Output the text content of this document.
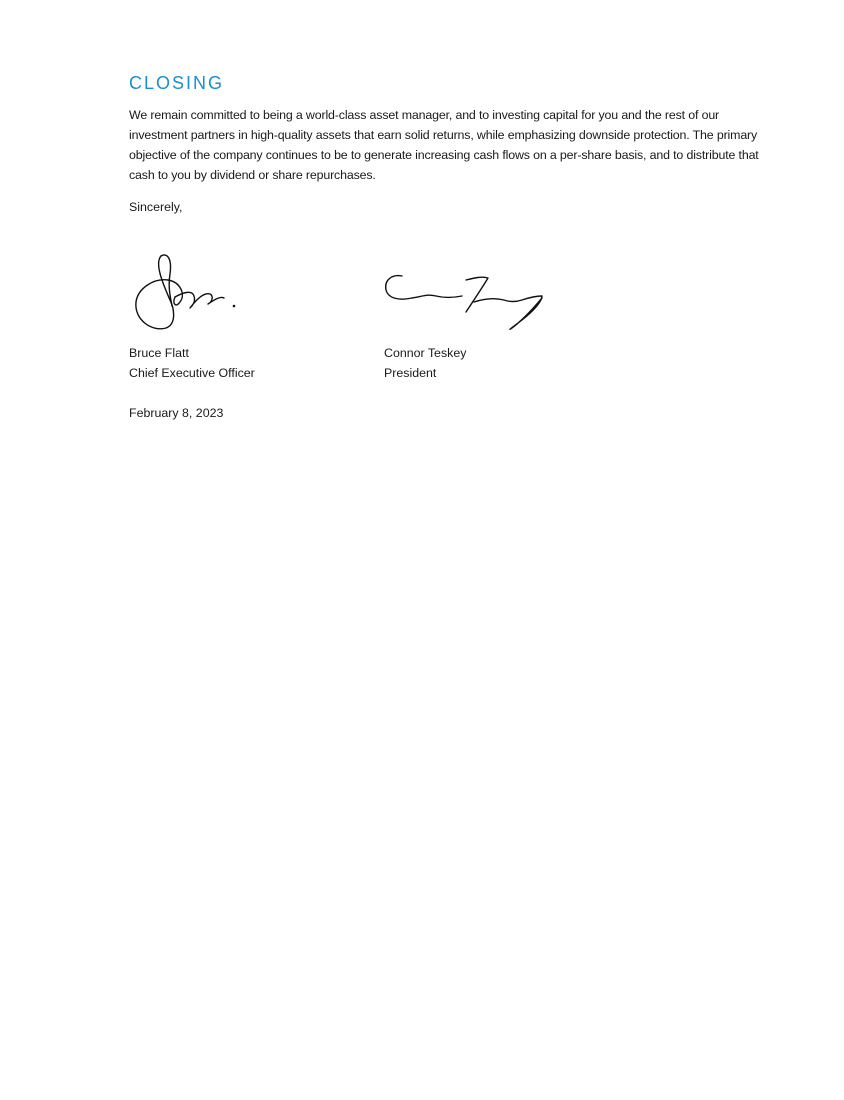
CLOSING

We remain committed to being a world-class asset manager, and to investing capital for you and the rest of our investment partners in high-quality assets that earn solid returns, while emphasizing downside protection. The primary objective of the company continues to be to generate increasing cash flows on a per-share basis, and to distribute that cash to you by dividend or share repurchases.

Sincerely,

Bruce Flatt
Chief Executive Officer
Connor Teskey
President

February 8, 2023
